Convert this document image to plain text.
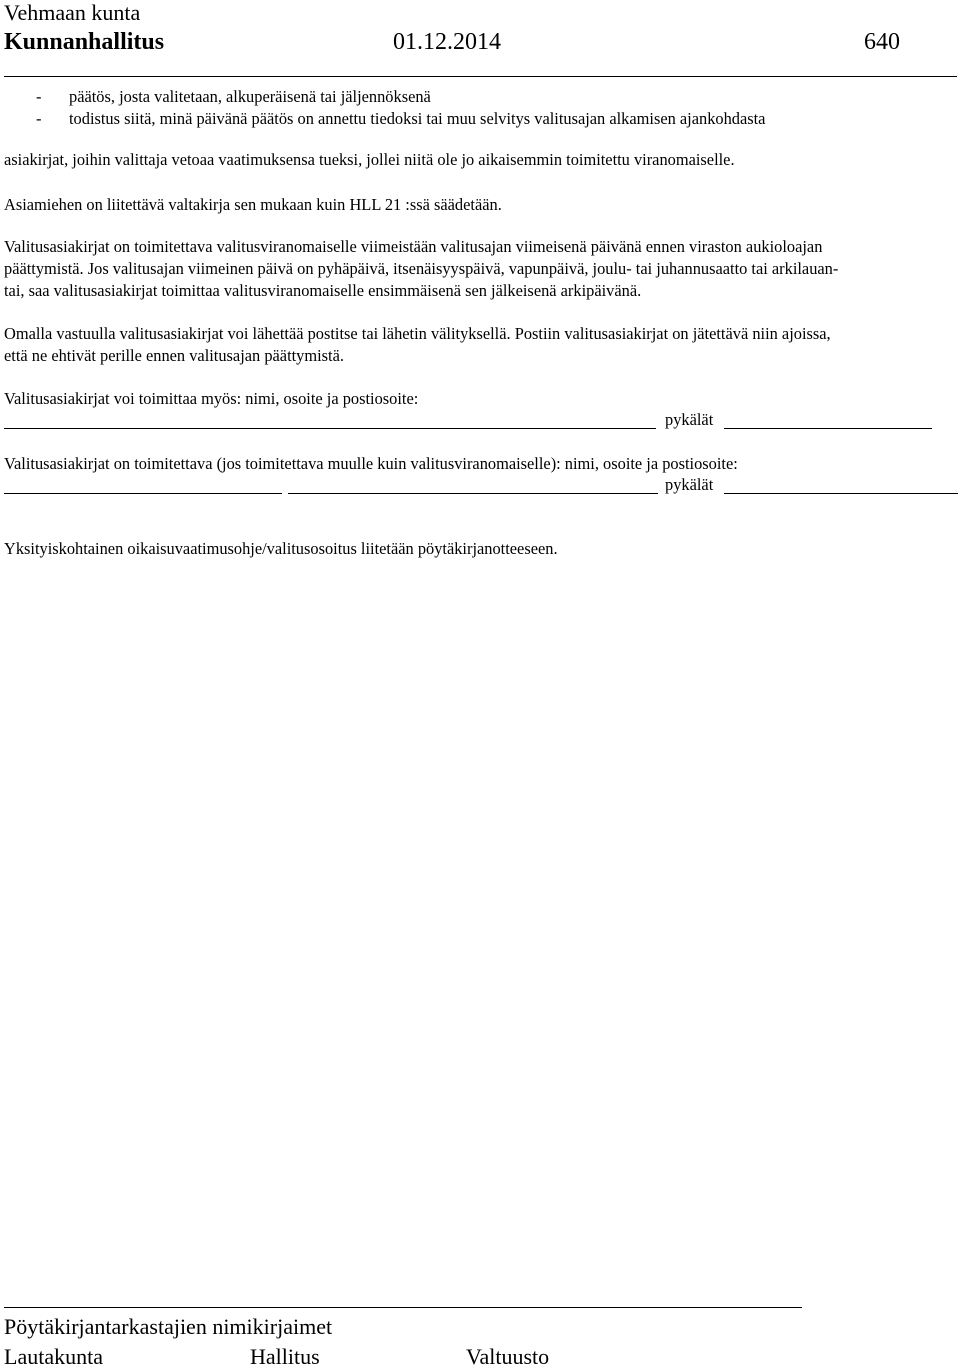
Vehmaan kunta
Kunnanhallitus	01.12.2014	640
- päätös, josta valitetaan, alkuperäisenä tai jäljennöksenä
- todistus siitä, minä päivänä päätös on annettu tiedoksi tai muu selvitys valitusajan alkamisen ajankohdasta
asiakirjat, joihin valittaja vetoaa vaatimuksensa tueksi, jollei niitä ole jo aikaisemmin toimitettu viranomaiselle.
Asiamiehen on liitettävä valtakirja sen mukaan kuin HLL 21 :ssä säädetään.
Valitusasiakirjat on toimitettava valitusviranomaiselle viimeistään valitusajan viimeisenä päivänä ennen viraston aukioloajan
päättymistä. Jos valitusajan viimeinen päivä on pyhäpäivä, itsenäisyyspäivä, vapunpäivä, joulu- tai juhannusaatto tai arkilauan-
tai, saa valitusasiakirjat toimittaa valitusviranomaiselle ensimmäisenä sen jälkeisenä arkipäivänä.
Omalla vastuulla valitusasiakirjat voi lähettää postitse tai lähetin välityksellä. Postiin valitusasiakirjat on jätettävä niin ajoissa,
että ne ehtivät perille ennen valitusajan päättymistä.
Valitusasiakirjat voi toimittaa myös: nimi, osoite ja postiosoite:
pykälät
Valitusasiakirjat on toimitettava (jos toimitettava muulle kuin valitusviranomaiselle): nimi, osoite ja postiosoite:
pykälät
Yksityiskohtainen oikaisuvaatimusohje/valitusosoitus liitetään pöytäkirjanotteeseen.
Pöytäkirjantarkastajien nimikirjaimet
Lautakunta	Hallitus	Valtuusto
